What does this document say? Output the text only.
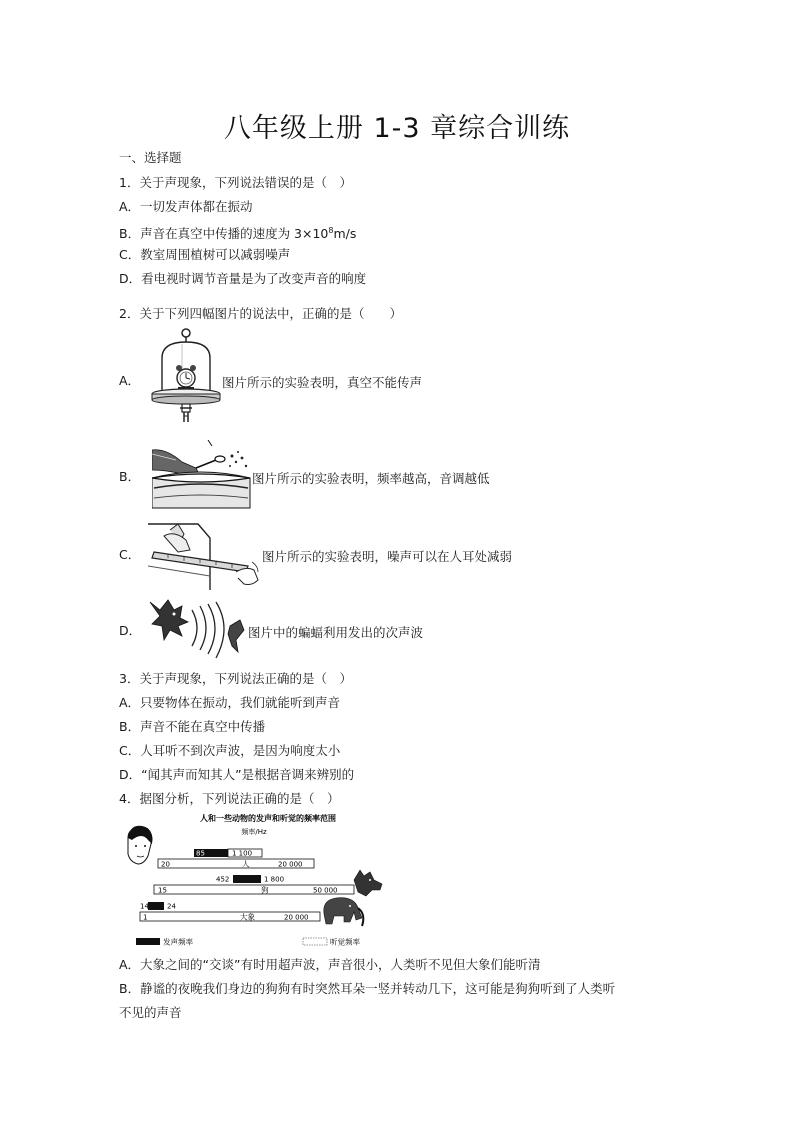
八年级上册 1-3 章综合训练
一、选择题
1．关于声现象，下列说法错误的是（　）
A．一切发声体都在振动
B．声音在真空中传播的速度为 $3\times 10^8m/s$
C．教室周围植树可以减弱噪声
D．看电视时调节音量是为了改变声音的响度
2．关于下列四幅图片的说法中，正确的是（　　）
A．	图片所示的实验表明，真空不能传声
B．	图片所示的实验表明，频率越高，音调越低
C．	图片所示的实验表明，噪声可以在人耳处减弱
D．	图片中的蝙蝠利用发出的次声波
3．关于声现象，下列说法正确的是（　）
A．只要物体在振动，我们就能听到声音
B．声音不能在真空中传播
C．人耳听不到次声波，是因为响度太小
D．“闻其声而知其人”是根据音调来辨别的
4．据图分析，下列说法正确的是（　）
人和一些动物的发声和听觉的频率范围
频率/Hz
20	20 000
人
85	1 100
452	1 800
15	50 000
狗
14	24
1	20 000
大象
发声频率	听觉频率
A．大象之间的“交谈”有时用超声波，声音很小，人类听不见但大象们能听清
B．静谧的夜晚我们身边的狗狗有时突然耳朵一竖并转动几下，这可能是狗狗听到了人类听
不见的声音
